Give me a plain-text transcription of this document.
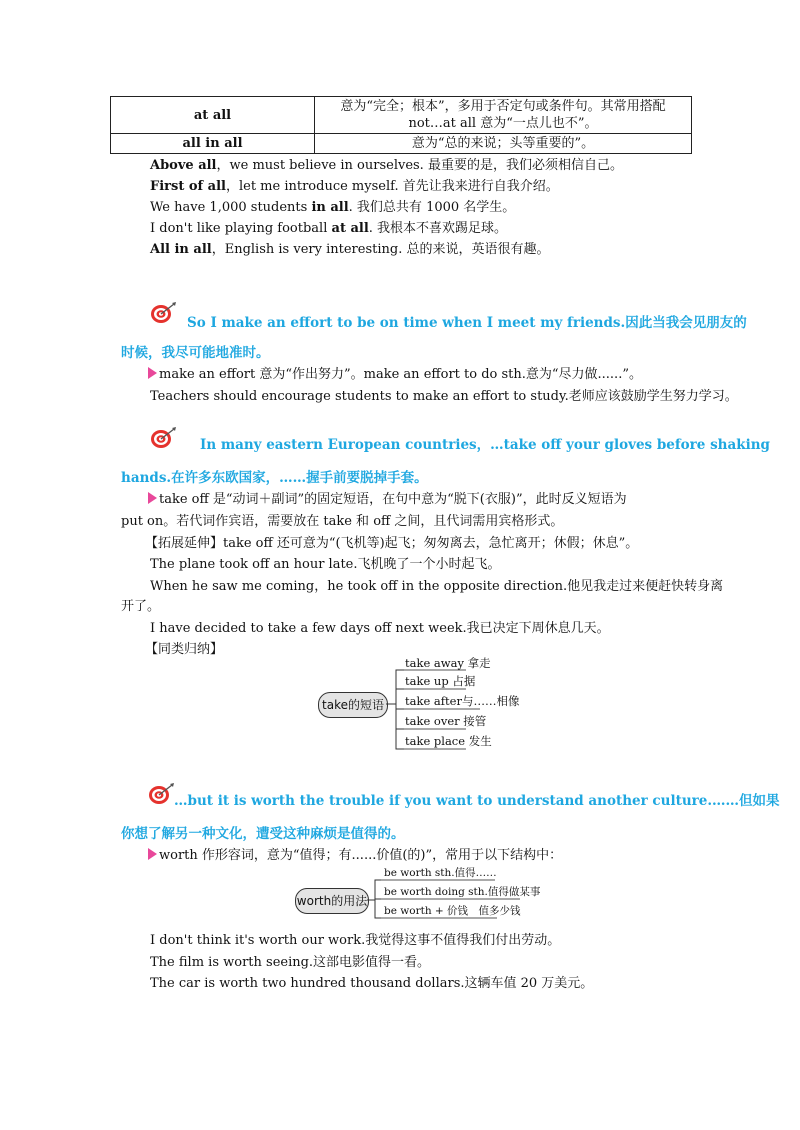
at all	意为“完全；根本”，多用于否定句或条件句。其常用搭配
not…at all 意为“一点儿也不”。

all in all	意为“总的来说；头等重要的”。
Above all，we must believe in ourselves. 最重要的是，我们必须相信自己。
First of all，let me introduce myself. 首先让我来进行自我介绍。
We have 1,000 students in all. 我们总共有 1000 名学生。
I don't like playing football at all. 我根本不喜欢踢足球。
All in all，English is very interesting. 总的来说，英语很有趣。
So I make an effort to be on time when I meet my friends.因此当我会见朋友的
时候，我尽可能地准时。
make an effort 意为“作出努力”。make an effort to do sth.意为“尽力做......”。
Teachers should encourage students to make an effort to study.老师应该鼓励学生努力学习。
In many eastern European countries，…take off your gloves before shaking
hands.在许多东欧国家，……握手前要脱掉手套。
take off 是“动词＋副词”的固定短语，在句中意为“脱下(衣服)”，此时反义短语为
put on。若代词作宾语，需要放在 take 和 off 之间，且代词需用宾格形式。
【拓展延伸】take off 还可意为“(飞机等)起飞；匆匆离去，急忙离开；休假；休息”。
The plane took off an hour late.飞机晚了一个小时起飞。
When he saw me coming，he took off in the opposite direction.他见我走过来便赶快转身离
开了。
I have decided to take a few days off next week.我已决定下周休息几天。
【同类归纳】
take的短语
take away 拿走
take up 占据
take after与……相像
take over 接管
take place 发生
…but it is worth the trouble if you want to understand another culture.……但如果
你想了解另一种文化，遭受这种麻烦是值得的。
worth 作形容词，意为“值得；有......价值(的)”，常用于以下结构中：
worth的用法
be worth sth.值得……
be worth doing sth.值得做某事
be worth + 价钱　值多少钱
I don't think it's worth our work.我觉得这事不值得我们付出劳动。
The film is worth seeing.这部电影值得一看。
The car is worth two hundred thousand dollars.这辆车值 20 万美元。
